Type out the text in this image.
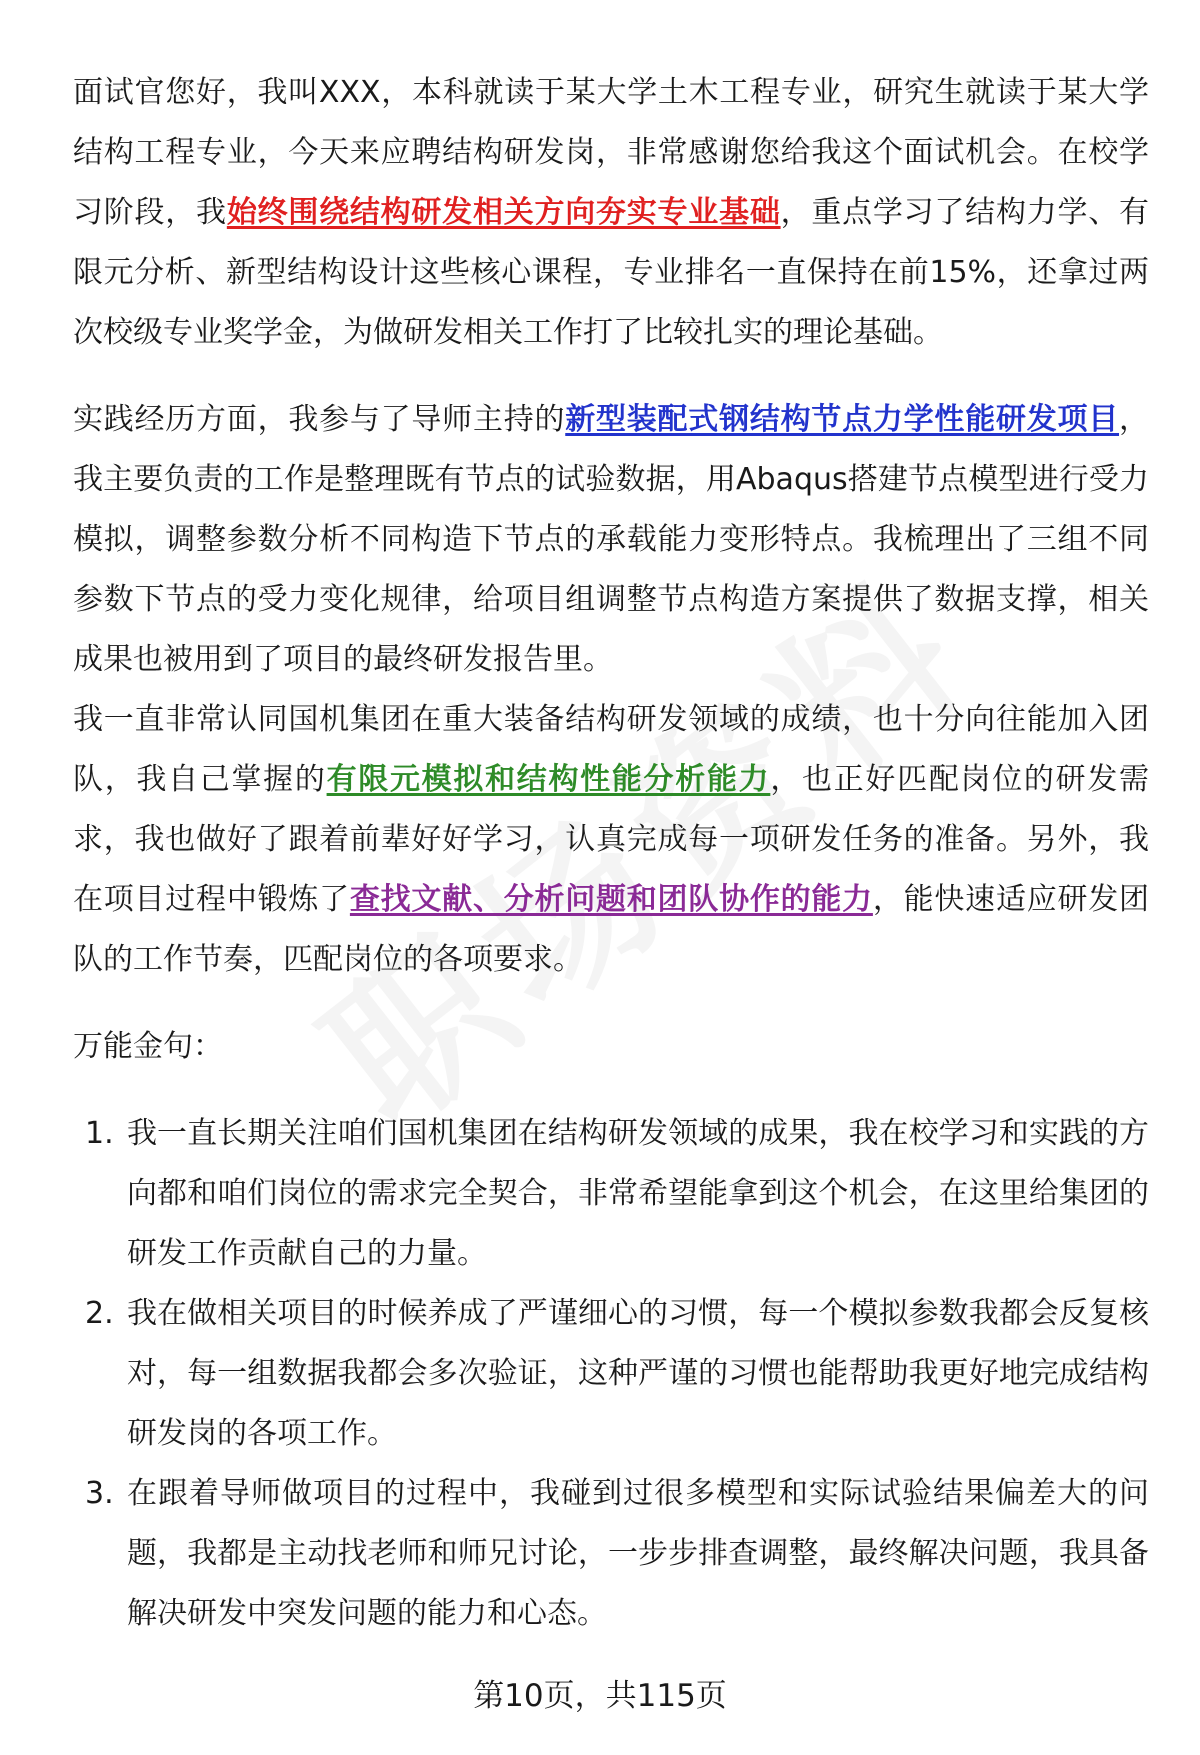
面试官您好，我叫XXX，本科就读于某大学土木工程专业，研究生就读于某大学结构工程专业，今天来应聘结构研发岗，非常感谢您给我这个面试机会。在校学习阶段，我始终围绕结构研发相关方向夯实专业基础，重点学习了结构力学、有限元分析、新型结构设计这些核心课程，专业排名一直保持在前15%，还拿过两次校级专业奖学金，为做研发相关工作打了比较扎实的理论基础。

实践经历方面，我参与了导师主持的新型装配式钢结构节点力学性能研发项目，我主要负责的工作是整理既有节点的试验数据，用Abaqus搭建节点模型进行受力模拟，调整参数分析不同构造下节点的承载能力变形特点。我梳理出了三组不同参数下节点的受力变化规律，给项目组调整节点构造方案提供了数据支撑，相关成果也被用到了项目的最终研发报告里。

我一直非常认同国机集团在重大装备结构研发领域的成绩，也十分向往能加入团队，我自己掌握的有限元模拟和结构性能分析能力，也正好匹配岗位的研发需求，我也做好了跟着前辈好好学习，认真完成每一项研发任务的准备。另外，我在项目过程中锻炼了查找文献、分析问题和团队协作的能力，能快速适应研发团队的工作节奏，匹配岗位的各项要求。

万能金句：

1. 我一直长期关注咱们国机集团在结构研发领域的成果，我在校学习和实践的方向都和咱们岗位的需求完全契合，非常希望能拿到这个机会，在这里给集团的研发工作贡献自己的力量。
2. 我在做相关项目的时候养成了严谨细心的习惯，每一个模拟参数我都会反复核对，每一组数据我都会多次验证，这种严谨的习惯也能帮助我更好地完成结构研发岗的各项工作。
3. 在跟着导师做项目的过程中，我碰到过很多模型和实际试验结果偏差大的问题，我都是主动找老师和师兄讨论，一步步排查调整，最终解决问题，我具备解决研发中突发问题的能力和心态。
第10页，共115页
